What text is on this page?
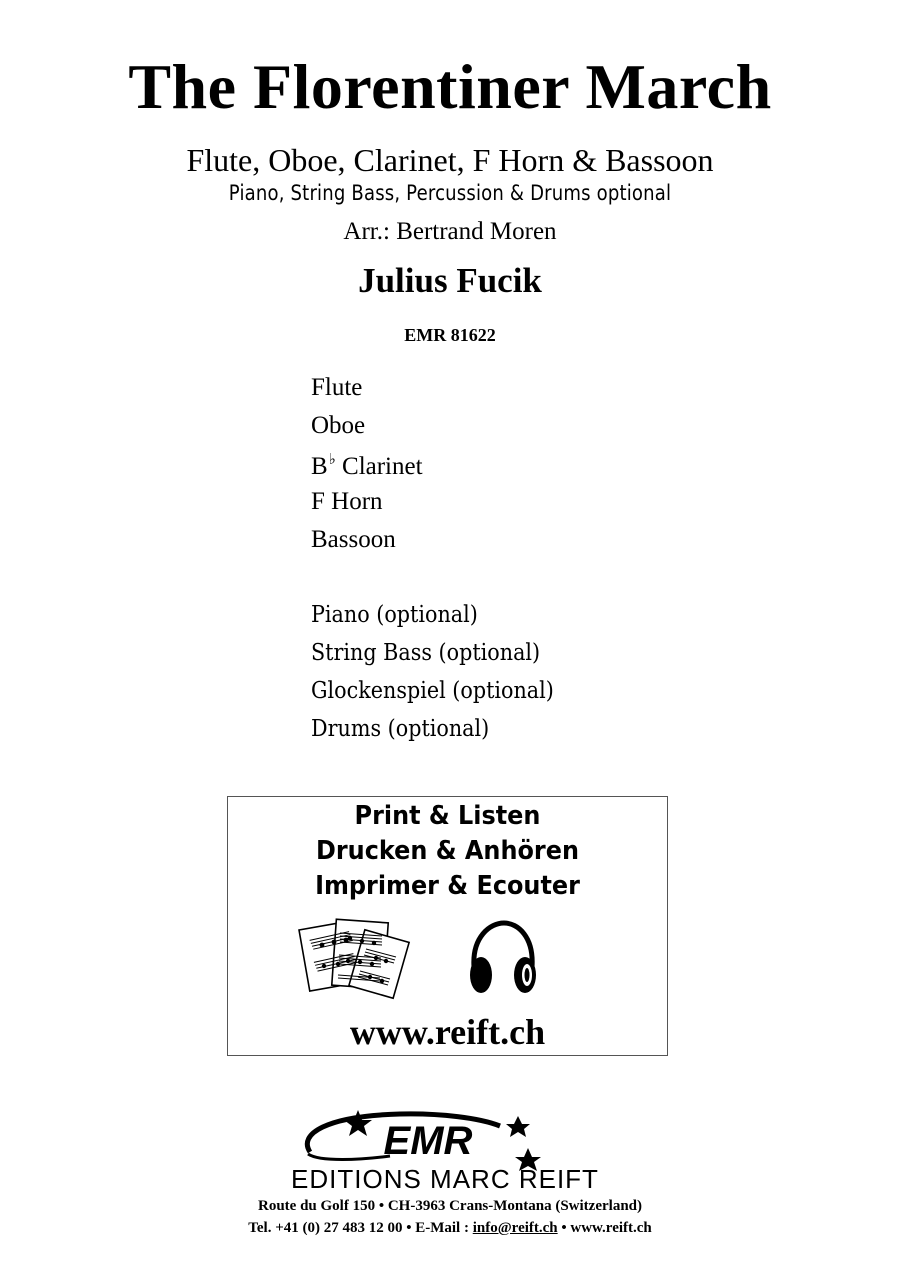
The Florentiner March
Flute, Oboe, Clarinet, F Horn & Bassoon
Piano, String Bass, Percussion & Drums optional
Arr.: Bertrand Moren
Julius Fucik
EMR 81622
Flute
Oboe
B♭ Clarinet
F Horn
Bassoon
Piano (optional)
String Bass (optional)
Glockenspiel (optional)
Drums (optional)
Print & Listen
Drucken & Anhören
Imprimer & Ecouter
www.reift.ch
EMR
EDITIONS MARC REIFT
Route du Golf 150 • CH-3963 Crans-Montana (Switzerland)
Tel. +41 (0) 27 483 12 00 • E-Mail : info@reift.ch • www.reift.ch
